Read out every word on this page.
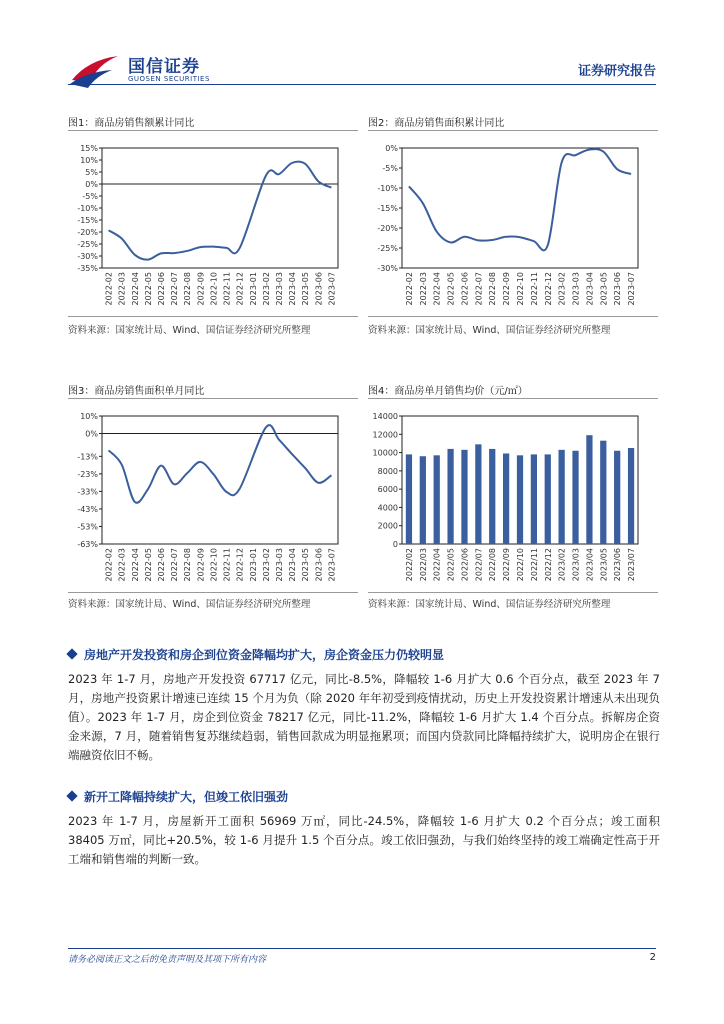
国信证券
GUOSEN SECURITIES	证券研究报告
图1：商品房销售额累计同比	图2：商品房销售面积累计同比
资料来源：国家统计局、Wind、国信证券经济研究所整理	资料来源：国家统计局、Wind、国信证券经济研究所整理
图3：商品房销售面积单月同比	图4：商品房单月销售均价（元/㎡）
资料来源：国家统计局、Wind、国信证券经济研究所整理	资料来源：国家统计局、Wind、国信证券经济研究所整理
15%
10%
5%
0%
-5%
-10%
-15%
-20%
-25%
-30%
-35%
2022-02 2022-03 2022-04 2022-05 2022-06 2022-07 2022-08 2022-09 2022-10 2022-11 2022-12 2023-01 2023-02 2023-03 2023-04 2023-05 2023-06 2023-07
0%
-5%
-10%
-15%
-20%
-25%
-30%
2022-02 2022-03 2022-04 2022-05 2022-06 2022-07 2022-08 2022-09 2022-10 2022-11 2022-12 2023-02 2023-03 2023-04 2023-05 2023-06 2023-07
10%
0%
-13%
-23%
-33%
-43%
-53%
-63%
2022-02 2022-03 2022-04 2022-05 2022-06 2022-07 2022-08 2022-09 2022-10 2022-11 2022-12 2023-01 2023-02 2023-03 2023-04 2023-05 2023-06 2023-07
14000
12000
10000
8000
6000
4000
2000
0
2022/02 2022/03 2022/04 2022/05 2022/06 2022/07 2022/08 2022/09 2022/10 2022/11 2022/12 2023/02 2023/03 2023/04 2023/05 2023/06 2023/07
房地产开发投资和房企到位资金降幅均扩大，房企资金压力仍较明显
2023 年 1-7 月，房地产开发投资 67717 亿元，同比-8.5%，降幅较 1-6 月扩大 0.6 个百分点，截至 2023 年 7 月，房地产投资累计增速已连续 15 个月为负（除 2020 年年初受到疫情扰动，历史上开发投资累计增速从未出现负值）。2023 年 1-7 月，房企到位资金 78217 亿元，同比-11.2%，降幅较 1-6 月扩大 1.4 个百分点。拆解房企资金来源，7 月，随着销售复苏继续趋弱，销售回款成为明显拖累项；而国内贷款同比降幅持续扩大，说明房企在银行端融资依旧不畅。
新开工降幅持续扩大，但竣工依旧强劲
2023 年 1-7 月，房屋新开工面积 56969 万㎡，同比-24.5%，降幅较 1-6 月扩大 0.2 个百分点；竣工面积 38405 万㎡，同比+20.5%，较 1-6 月提升 1.5 个百分点。竣工依旧强劲，与我们始终坚持的竣工端确定性高于开工端和销售端的判断一致。
请务必阅读正文之后的免责声明及其项下所有内容	2
